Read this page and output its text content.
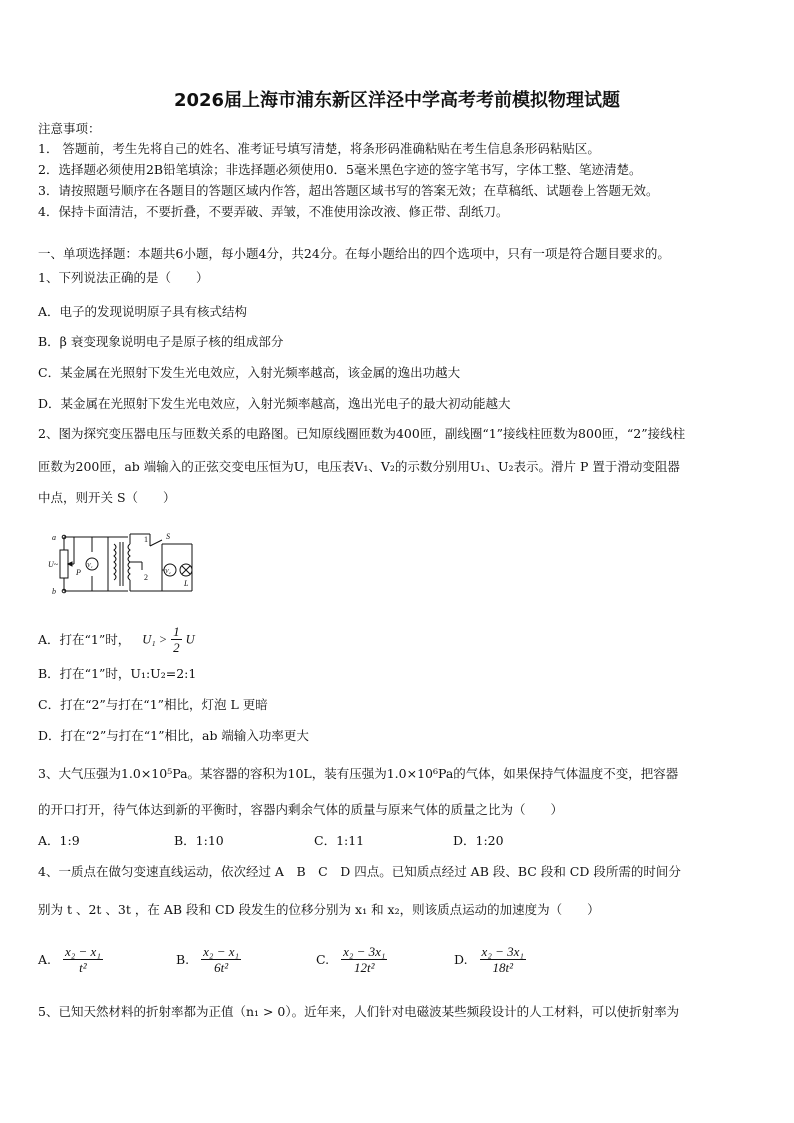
2026届上海市浦东新区洋泾中学高考考前模拟物理试题
注意事项：
1． 答题前，考生先将自己的姓名、准考证号填写清楚，将条形码准确粘贴在考生信息条形码粘贴区。
2．选择题必须使用2B铅笔填涂；非选择题必须使用0．5毫米黑色字迹的签字笔书写，字体工整、笔迹清楚。
3．请按照题号顺序在各题目的答题区域内作答，超出答题区域书写的答案无效；在草稿纸、试题卷上答题无效。
4．保持卡面清洁，不要折叠，不要弄破、弄皱，不准使用涂改液、修正带、刮纸刀。
一、单项选择题：本题共6小题，每小题4分，共24分。在每小题给出的四个选项中，只有一项是符合题目要求的。
1、下列说法正确的是（　　）
A．电子的发现说明原子具有核式结构
B．β 衰变现象说明电子是原子核的组成部分
C．某金属在光照射下发生光电效应，入射光频率越高，该金属的逸出功越大
D．某金属在光照射下发生光电效应，入射光频率越高，逸出光电子的最大初动能越大
2、图为探究变压器电压与匝数关系的电路图。已知原线圈匝数为400匝，副线圈“1”接线柱匝数为800匝，“2”接线柱
匝数为200匝，ab 端输入的正弦交变电压恒为U，电压表V₁、V₂的示数分别用U₁、U₂表示。滑片 P 置于滑动变阻器
中点，则开关 S（　　）
a
b
U~
P
V₁
V₂
S
1
2
L
A．打在“1”时， $U_1 > \frac{1}{2}$ U
B．打在“1”时，U₁:U₂=2:1
C．打在“2”与打在“1”相比，灯泡 L 更暗
D．打在“2”与打在“1”相比，ab 端输入功率更大
3、大气压强为1.0×10⁵Pa。某容器的容积为10L，装有压强为1.0×10⁶Pa的气体，如果保持气体温度不变，把容器
的开口打开，待气体达到新的平衡时，容器内剩余气体的质量与原来气体的质量之比为（　　）
A．1:9	B．1:10	C．1:11	D．1:20
4、一质点在做匀变速直线运动，依次经过 A　B　C　D 四点。已知质点经过 AB 段、BC 段和 CD 段所需的时间分
别为 t 、2t 、3t ，在 AB 段和 CD 段发生的位移分别为 x₁ 和 x₂，则该质点运动的加速度为（　　）
A. $\frac{\text{x₂ − x₁}}{\text{t²}}$	B. $\frac{\text{x₂ − x₁}}{\text{6t²}}$	C. $\frac{\text{x₂ − 3x₁}}{\text{12t²}}$	D. $\frac{\text{x₂ − 3x₁}}{\text{18t²}}$
5、已知天然材料的折射率都为正值（n₁ > 0）。近年来，人们针对电磁波某些频段设计的人工材料，可以使折射率为
